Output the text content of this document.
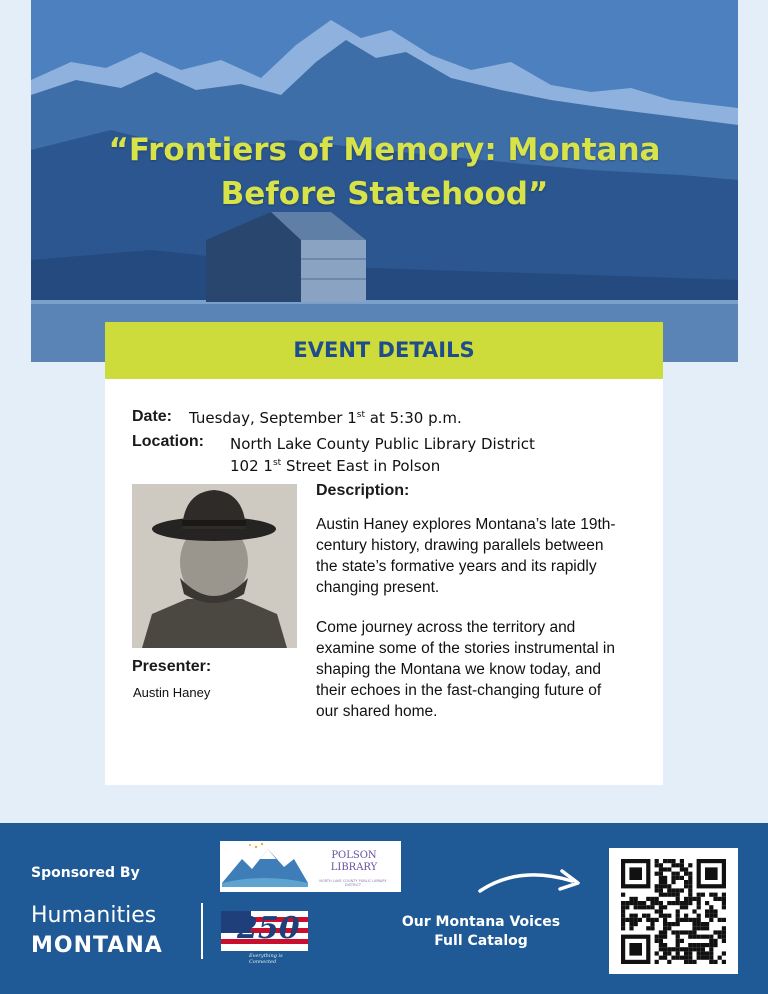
“Frontiers of Memory: Montana
Before Statehood”

EVENT DETAILS
Date: Tuesday, September 1st at 5:30 p.m.
Location: North Lake County Public Library District
102 1st Street East in Polson
Description:

Austin Haney explores Montana’s late 19th-century history, drawing parallels between the state’s formative years and its rapidly changing present.

Come journey across the territory and examine some of the stories instrumental in shaping the Montana we know today, and their echoes in the fast-changing future of our shared home.

Presenter:
Austin Haney
Sponsored By
Humanities
MONTANA
POLSON LIBRARY
NORTH LAKE COUNTY PUBLIC LIBRARY DISTRICT
250
Everything is Connected
Our Montana Voices
Full Catalog
